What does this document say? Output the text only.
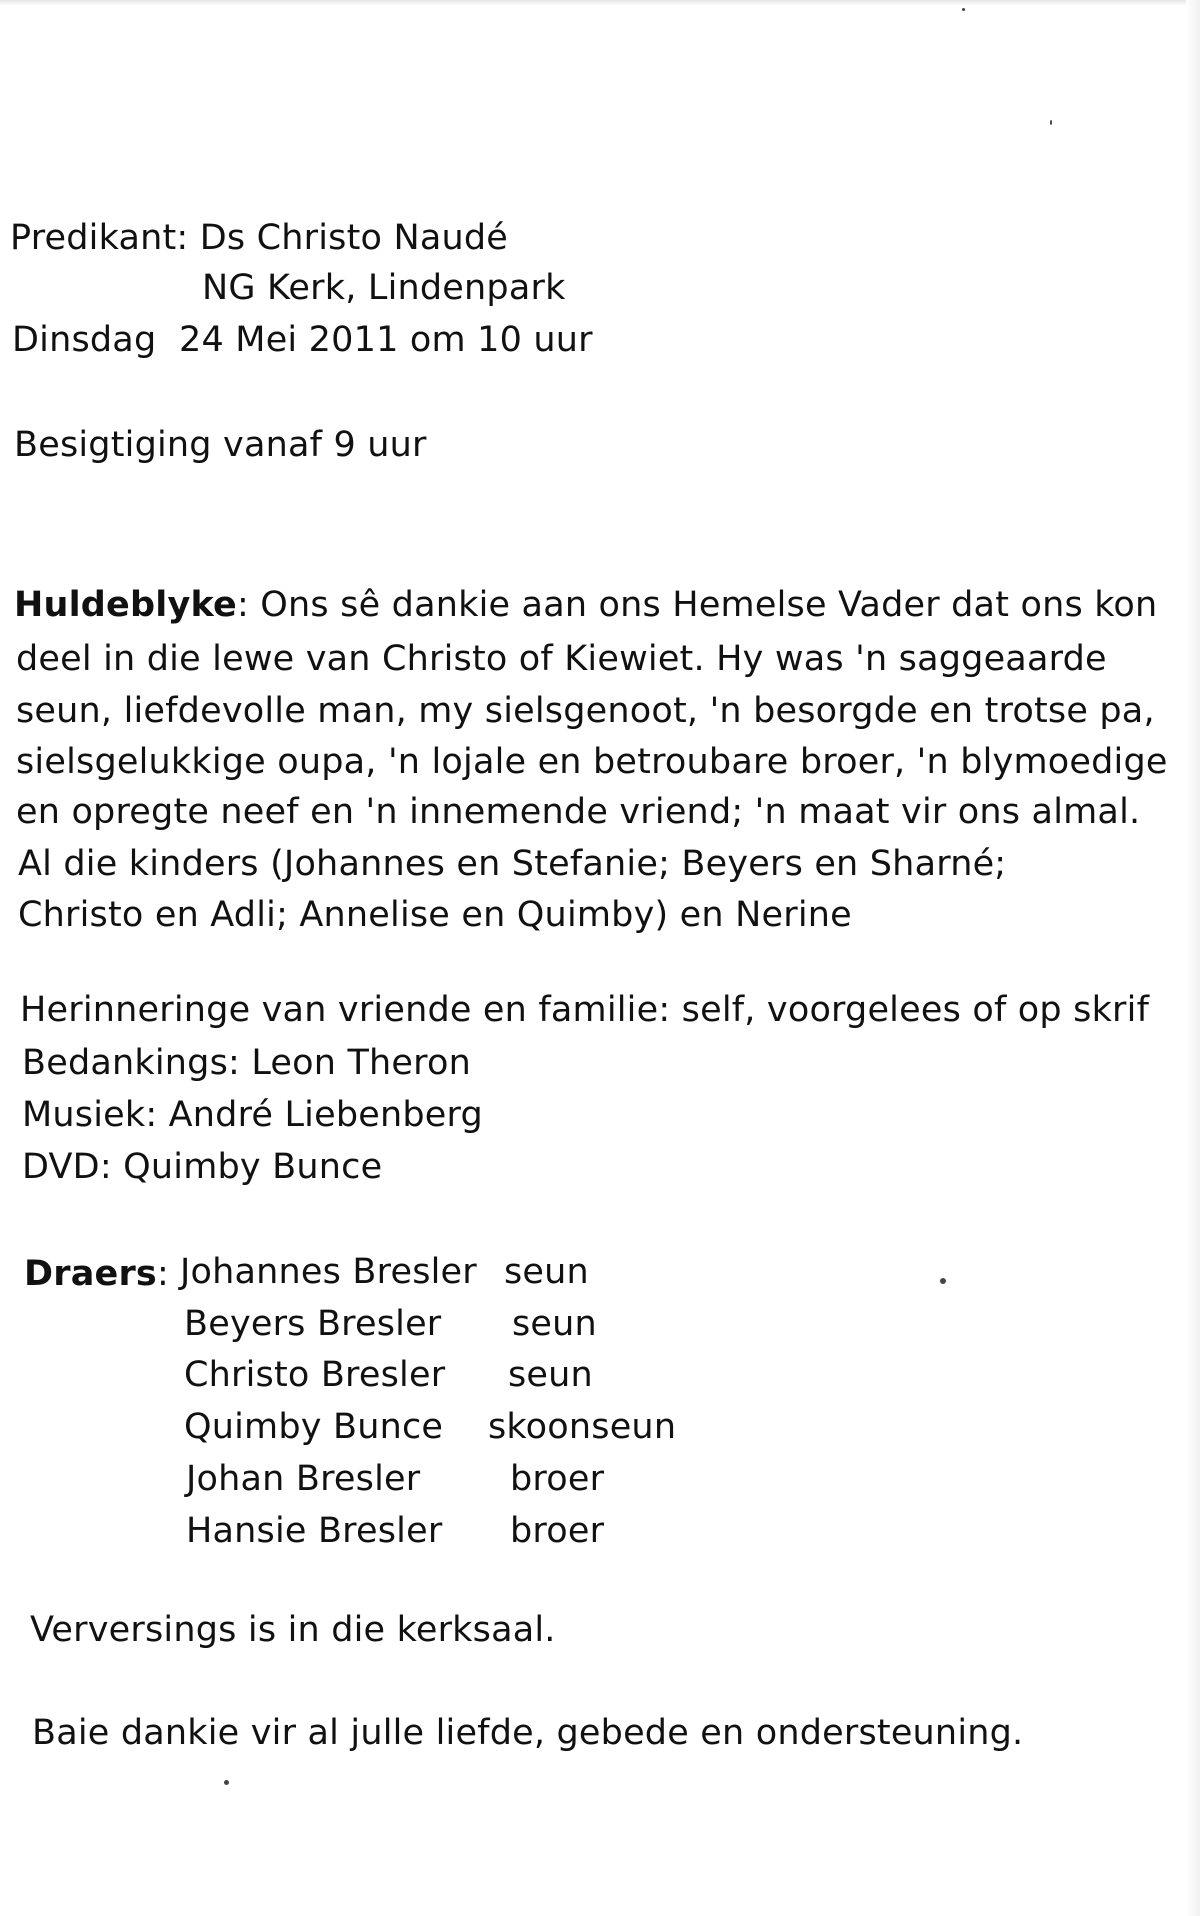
Predikant: Ds Christo Naudé
NG Kerk, Lindenpark
Dinsdag 24 Mei 2011 om 10 uur
Besigtiging vanaf 9 uur
Huldeblyke: Ons sê dankie aan ons Hemelse Vader dat ons kon
deel in die lewe van Christo of Kiewiet. Hy was 'n saggeaarde
seun, liefdevolle man, my sielsgenoot, 'n besorgde en trotse pa,
sielsgelukkige oupa, 'n lojale en betroubare broer, 'n blymoedige
en opregte neef en 'n innemende vriend; 'n maat vir ons almal.
Al die kinders (Johannes en Stefanie; Beyers en Sharné;
Christo en Adli; Annelise en Quimby) en Nerine
Herinneringe van vriende en familie: self, voorgelees of op skrif
Bedankings: Leon Theron
Musiek: André Liebenberg
DVD: Quimby Bunce
Draers: Johannes Bresler seun
Beyers Bresler seun
Christo Bresler seun
Quimby Bunce skoonseun
Johan Bresler	broer
Hansie Bresler broer
Verversings is in die kerksaal.
Baie dankie vir al julle liefde, gebede en ondersteuning.
